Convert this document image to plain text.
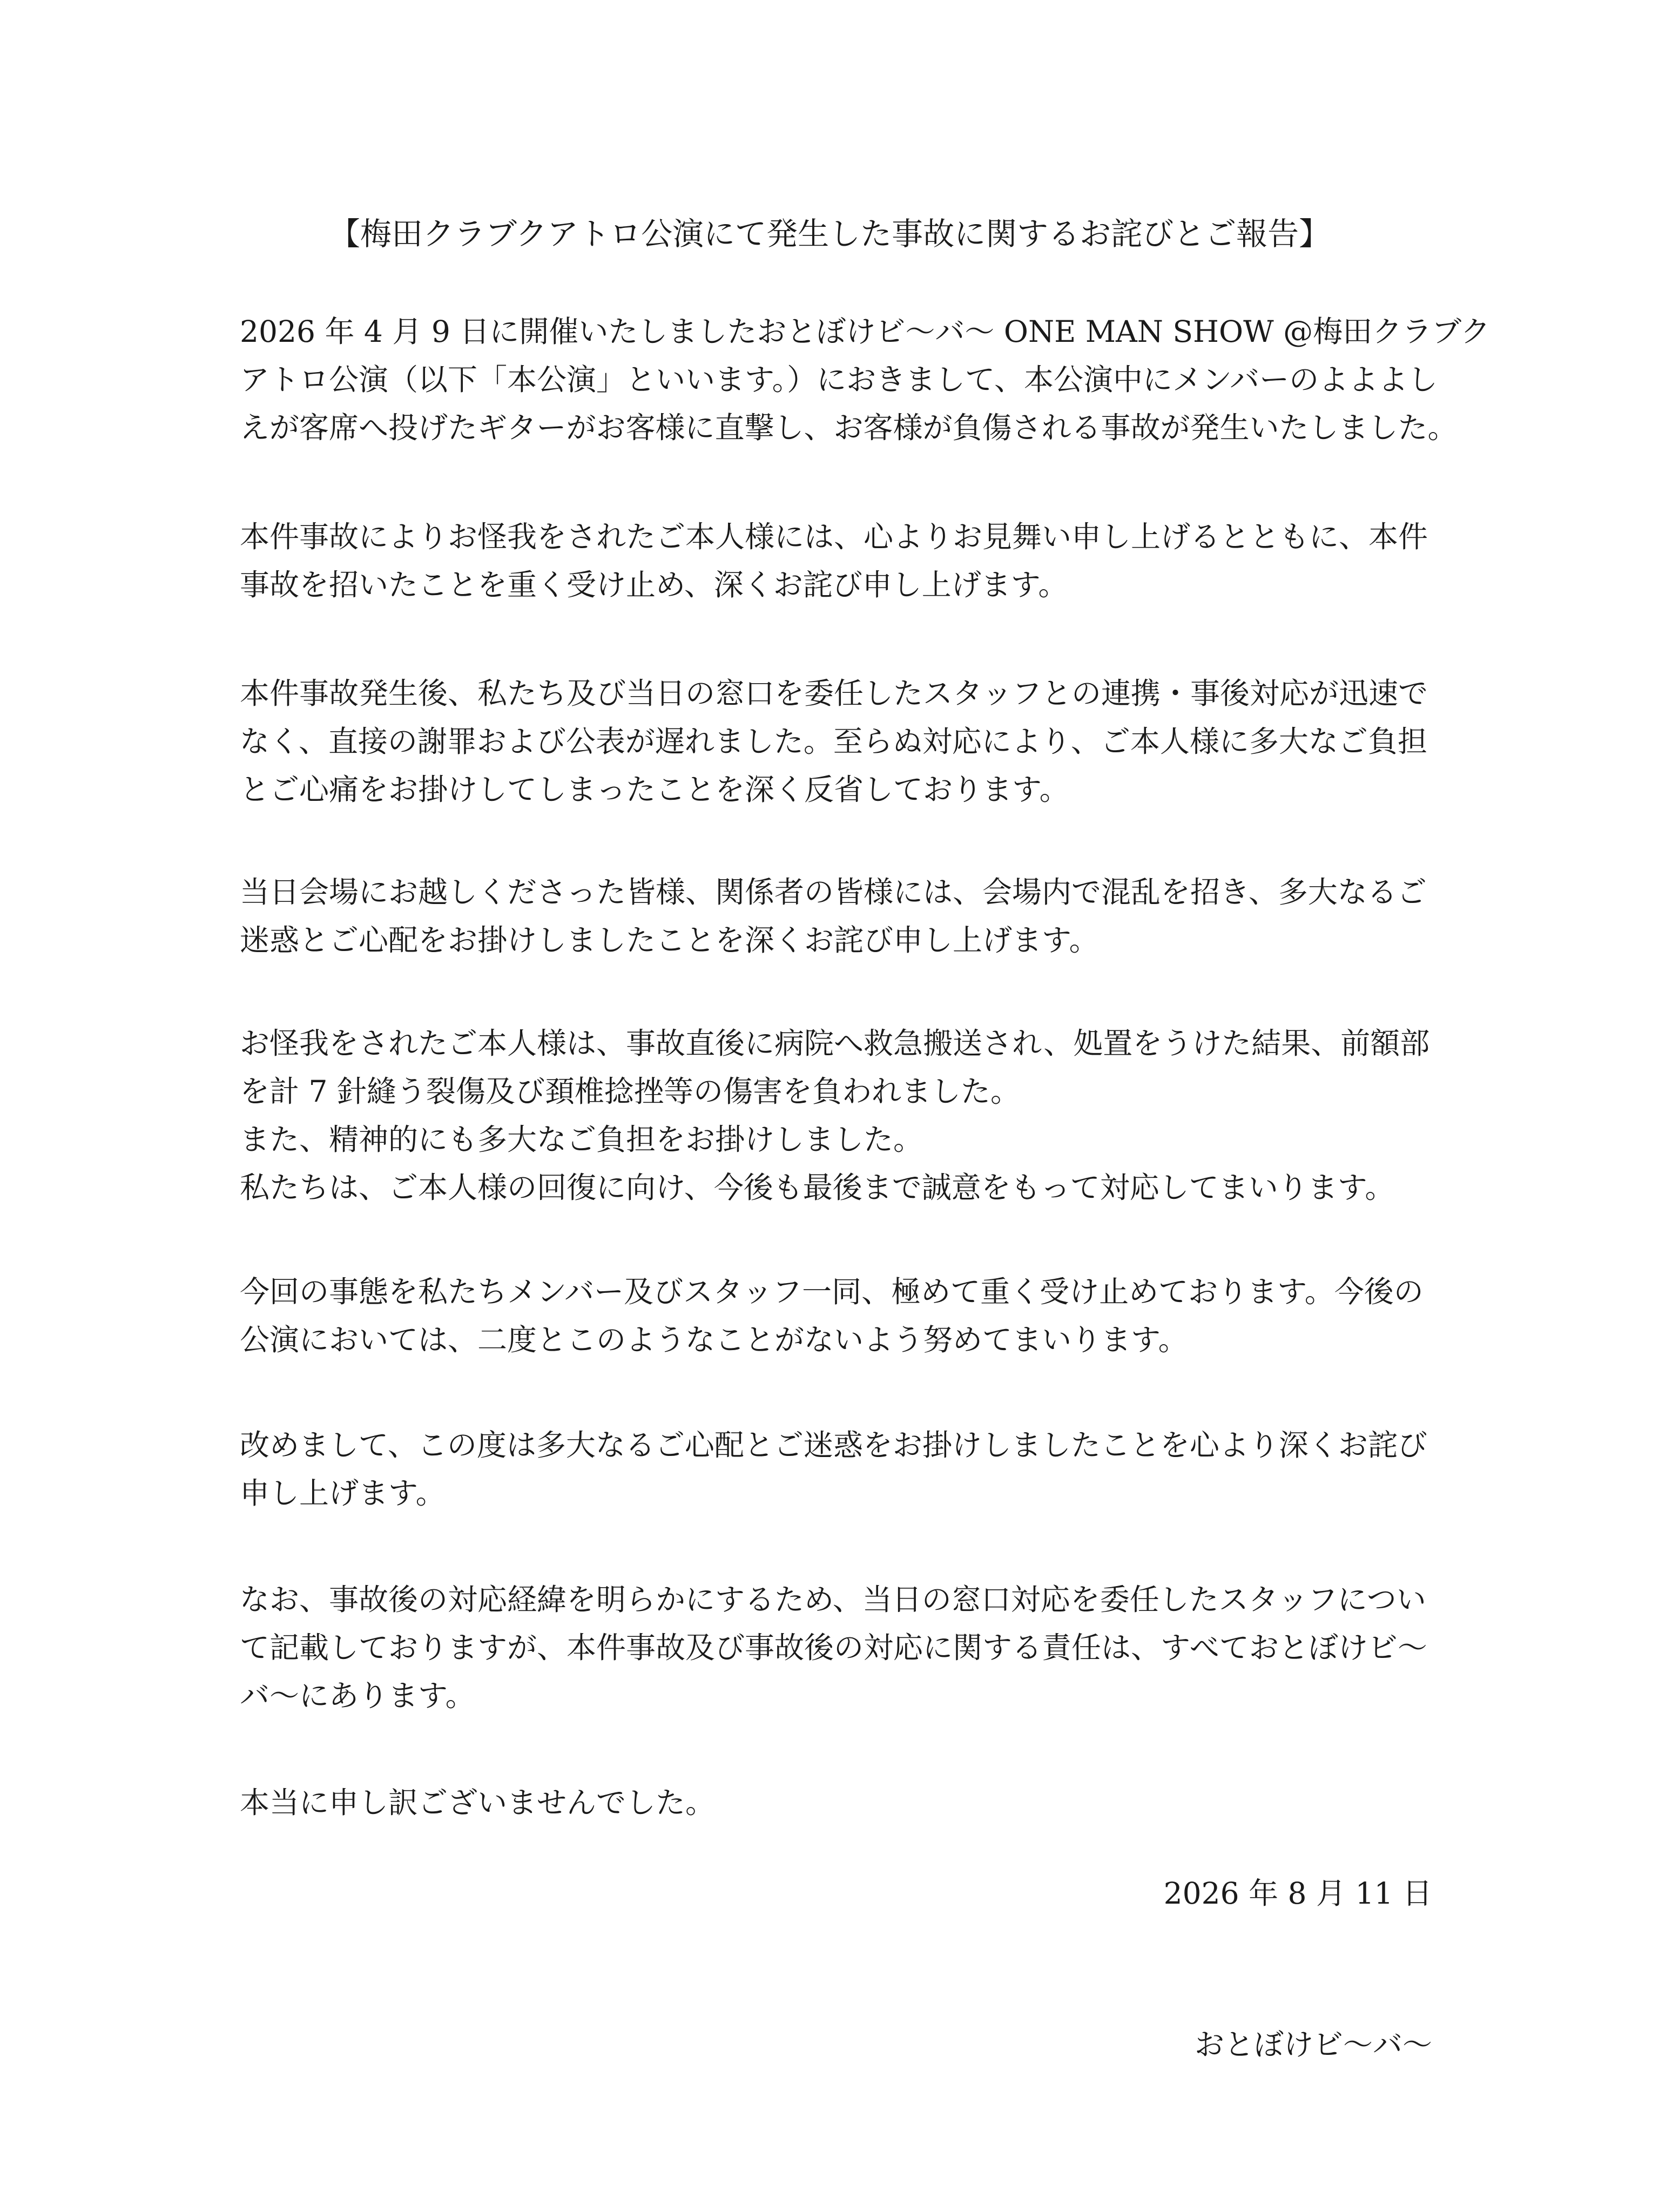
【梅田クラブクアトロ公演にて発生した事故に関するお詫びとご報告】
2026 年 4 月 9 日に開催いたしましたおとぼけビ〜バ〜 ONE MAN SHOW @梅田クラブク
アトロ公演（以下「本公演」といいます。）におきまして、本公演中にメンバーのよよよし
えが客席へ投げたギターがお客様に直撃し、お客様が負傷される事故が発生いたしました。
本件事故によりお怪我をされたご本人様には、心よりお見舞い申し上げるとともに、本件
事故を招いたことを重く受け止め、深くお詫び申し上げます。
本件事故発生後、私たち及び当日の窓口を委任したスタッフとの連携・事後対応が迅速で
なく、直接の謝罪および公表が遅れました。至らぬ対応により、ご本人様に多大なご負担
とご心痛をお掛けしてしまったことを深く反省しております。
当日会場にお越しくださった皆様、関係者の皆様には、会場内で混乱を招き、多大なるご
迷惑とご心配をお掛けしましたことを深くお詫び申し上げます。
お怪我をされたご本人様は、事故直後に病院へ救急搬送され、処置をうけた結果、前額部
を計 7 針縫う裂傷及び頚椎捻挫等の傷害を負われました。
また、精神的にも多大なご負担をお掛けしました。
私たちは、ご本人様の回復に向け、今後も最後まで誠意をもって対応してまいります。
今回の事態を私たちメンバー及びスタッフ一同、極めて重く受け止めております。今後の
公演においては、二度とこのようなことがないよう努めてまいります。
改めまして、この度は多大なるご心配とご迷惑をお掛けしましたことを心より深くお詫び
申し上げます。
なお、事故後の対応経緯を明らかにするため、当日の窓口対応を委任したスタッフについ
て記載しておりますが、本件事故及び事故後の対応に関する責任は、すべておとぼけビ〜
バ〜にあります。
本当に申し訳ございませんでした。
2026 年 8 月 11 日
おとぼけビ〜バ〜
